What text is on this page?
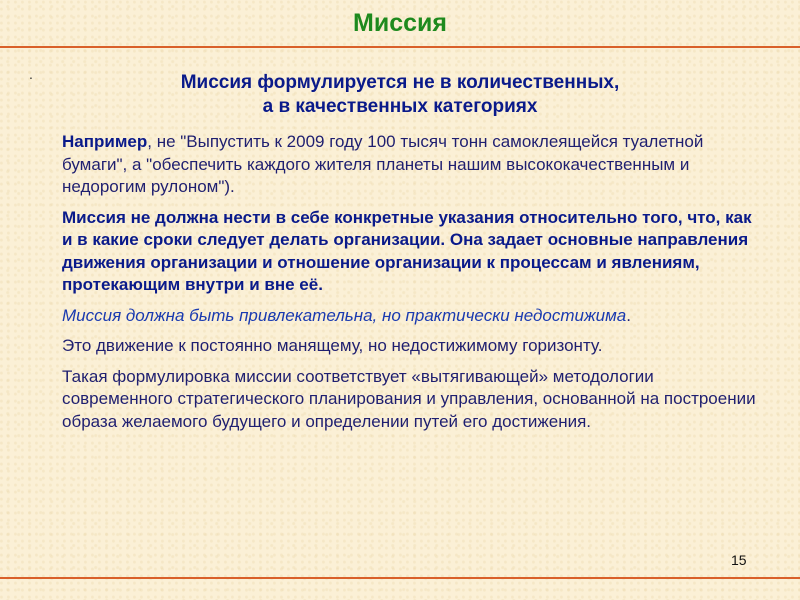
Миссия
.	Миссия формулируется не в количественных,
а в качественных категориях

Например, не "Выпустить к 2009 году 100 тысяч тонн самоклеящейся туалетной бумаги", а "обеспечить каждого жителя планеты нашим высококачественным и недорогим рулоном").

Миссия не должна нести в себе конкретные указания относительно того, что, как и в какие сроки следует делать организации. Она задает основные направления движения организации и отношение организации к процессам и явлениям, протекающим внутри и вне её.

Миссия должна быть привлекательна, но практически недостижима.

Это движение к постоянно манящему, но недостижимому горизонту.

Такая формулировка миссии соответствует «вытягивающей» методологии современного стратегического планирования и управления, основанной на построении образа желаемого будущего и определении путей его достижения.

15
